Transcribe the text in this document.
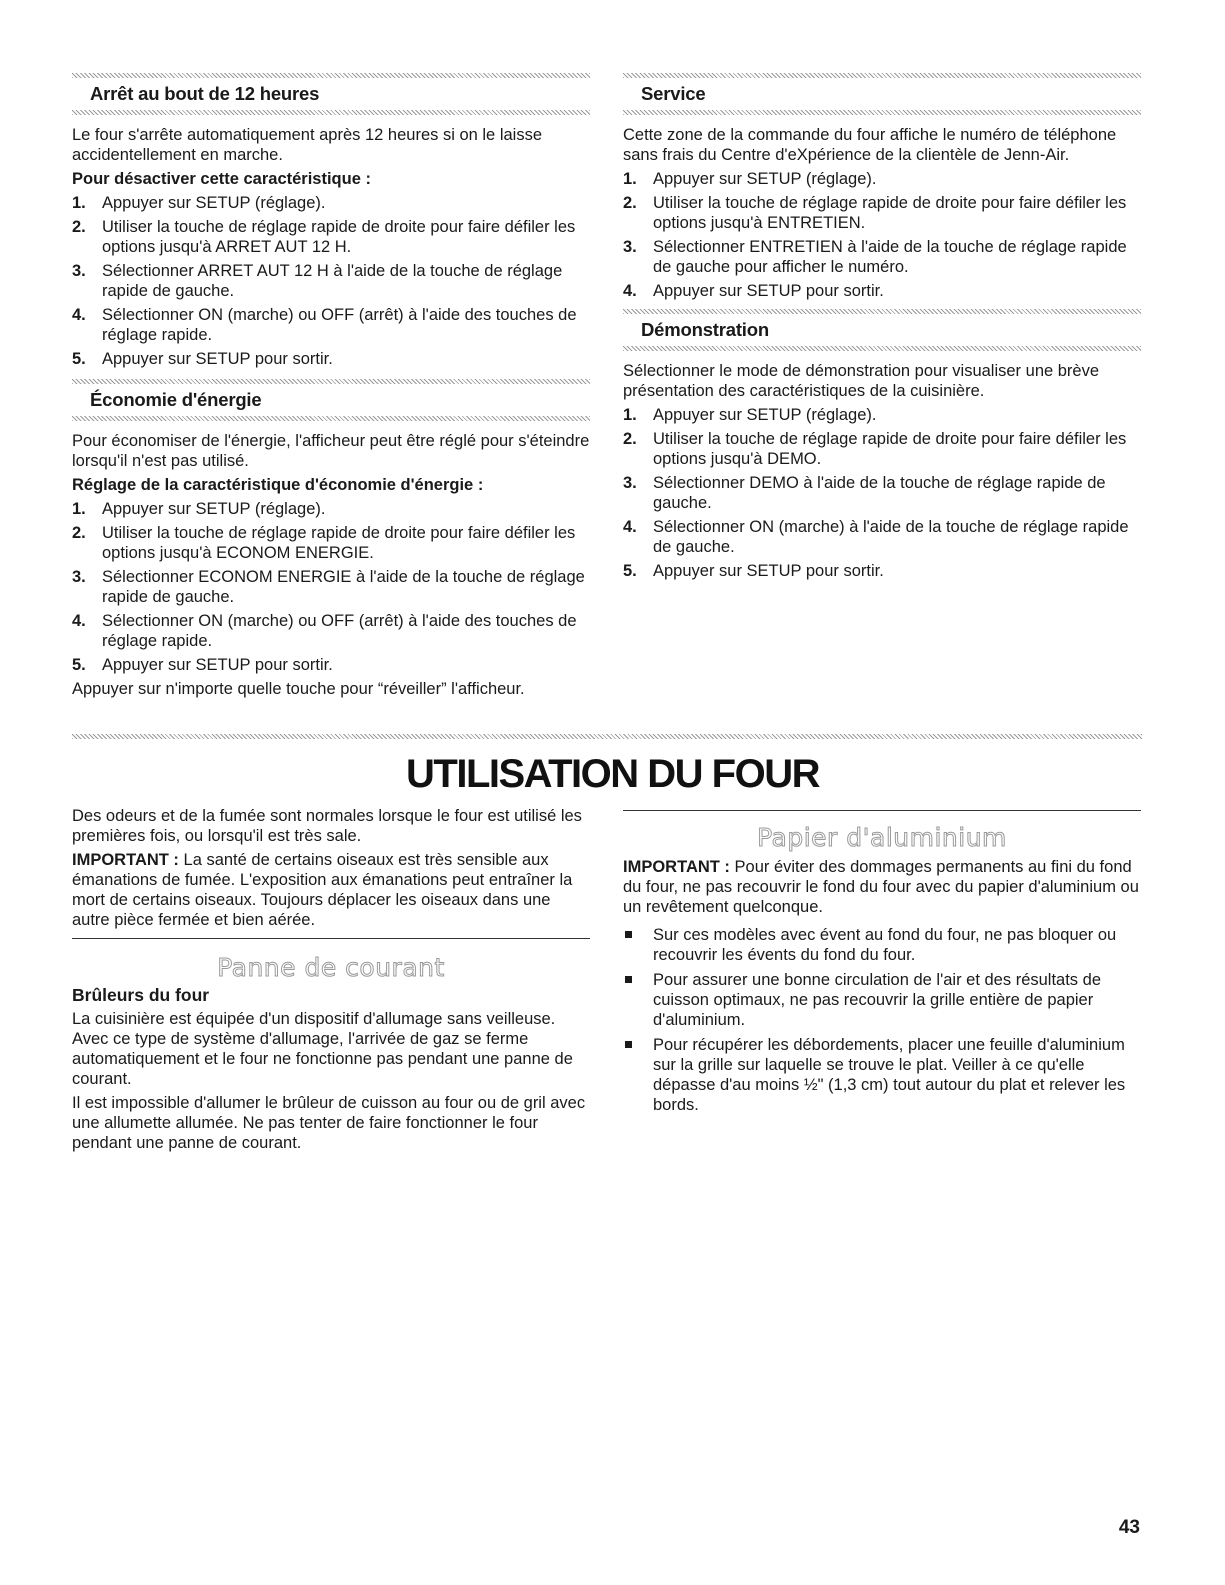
Arrêt au bout de 12 heures

Le four s'arrête automatiquement après 12 heures si on le laisse accidentellement en marche.

Pour désactiver cette caractéristique :

1. Appuyer sur SETUP (réglage).
2. Utiliser la touche de réglage rapide de droite pour faire défiler les options jusqu'à ARRET AUT 12 H.
3. Sélectionner ARRET AUT 12 H à l'aide de la touche de réglage rapide de gauche.
4. Sélectionner ON (marche) ou OFF (arrêt) à l'aide des touches de réglage rapide.
5. Appuyer sur SETUP pour sortir.
Économie d'énergie

Pour économiser de l'énergie, l'afficheur peut être réglé pour s'éteindre lorsqu'il n'est pas utilisé.

Réglage de la caractéristique d'économie d'énergie :

1. Appuyer sur SETUP (réglage).
2. Utiliser la touche de réglage rapide de droite pour faire défiler les options jusqu'à ECONOM ENERGIE.
3. Sélectionner ECONOM ENERGIE à l'aide de la touche de réglage rapide de gauche.
4. Sélectionner ON (marche) ou OFF (arrêt) à l'aide des touches de réglage rapide.
5. Appuyer sur SETUP pour sortir.

Appuyer sur n'importe quelle touche pour “réveiller” l'afficheur.

Service

Cette zone de la commande du four affiche le numéro de téléphone sans frais du Centre d'eXpérience de la clientèle de Jenn-Air.

1. Appuyer sur SETUP (réglage).
2. Utiliser la touche de réglage rapide de droite pour faire défiler les options jusqu'à ENTRETIEN.
3. Sélectionner ENTRETIEN à l'aide de la touche de réglage rapide de gauche pour afficher le numéro.
4. Appuyer sur SETUP pour sortir.
Démonstration

Sélectionner le mode de démonstration pour visualiser une brève présentation des caractéristiques de la cuisinière.

1. Appuyer sur SETUP (réglage).
2. Utiliser la touche de réglage rapide de droite pour faire défiler les options jusqu'à DEMO.
3. Sélectionner DEMO à l'aide de la touche de réglage rapide de gauche.
4. Sélectionner ON (marche) à l'aide de la touche de réglage rapide de gauche.
5. Appuyer sur SETUP pour sortir.
UTILISATION DU FOUR

Des odeurs et de la fumée sont normales lorsque le four est utilisé les premières fois, ou lorsqu'il est très sale.

IMPORTANT : La santé de certains oiseaux est très sensible aux émanations de fumée. L'exposition aux émanations peut entraîner la mort de certains oiseaux. Toujours déplacer les oiseaux dans une autre pièce fermée et bien aérée.

Panne de courant

Brûleurs du four

La cuisinière est équipée d'un dispositif d'allumage sans veilleuse. Avec ce type de système d'allumage, l'arrivée de gaz se ferme automatiquement et le four ne fonctionne pas pendant une panne de courant.

Il est impossible d'allumer le brûleur de cuisson au four ou de gril avec une allumette allumée. Ne pas tenter de faire fonctionner le four pendant une panne de courant.

Papier d'aluminium

IMPORTANT : Pour éviter des dommages permanents au fini du fond du four, ne pas recouvrir le fond du four avec du papier d'aluminium ou un revêtement quelconque.

Sur ces modèles avec évent au fond du four, ne pas bloquer ou recouvrir les évents du fond du four.
Pour assurer une bonne circulation de l'air et des résultats de cuisson optimaux, ne pas recouvrir la grille entière de papier d'aluminium.
Pour récupérer les débordements, placer une feuille d'aluminium sur la grille sur laquelle se trouve le plat. Veiller à ce qu'elle dépasse d'au moins ½" (1,3 cm) tout autour du plat et relever les bords.
43
